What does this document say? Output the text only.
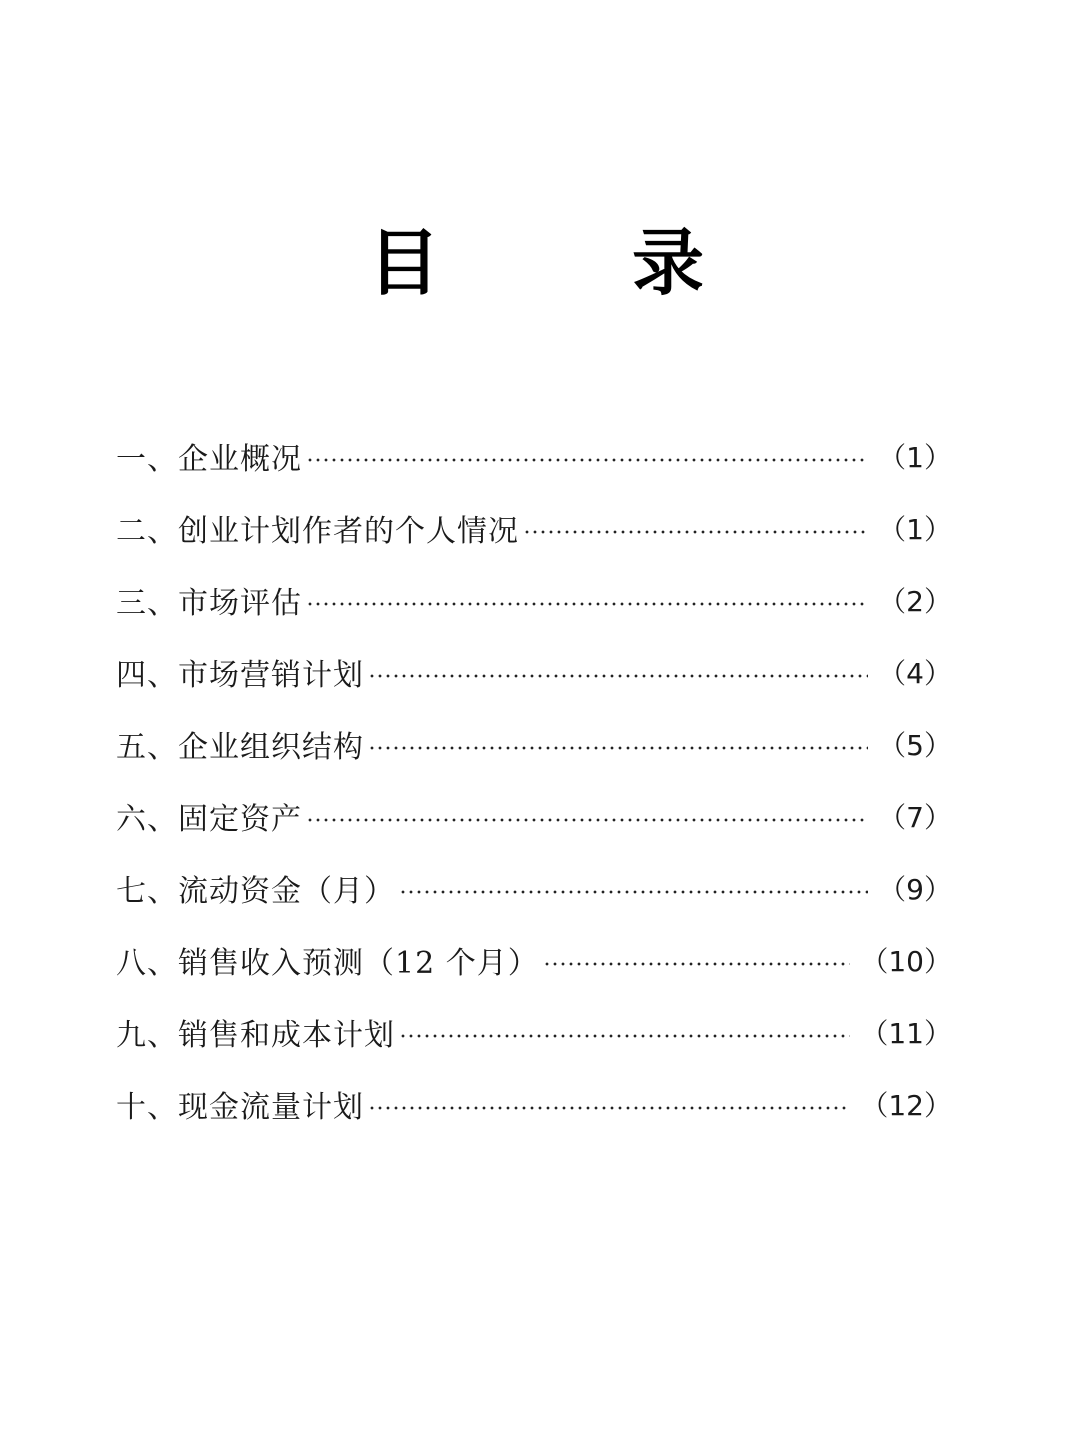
目	录
一、企业概况	（1）
二、创业计划作者的个人情况	（1）
三、市场评估	（2）
四、市场营销计划	（4）
五、企业组织结构	（5）
六、固定资产	（7）
七、流动资金（月）	（9）
八、销售收入预测（12 个月）	（10）
九、销售和成本计划	（11）
十、现金流量计划	（12）
